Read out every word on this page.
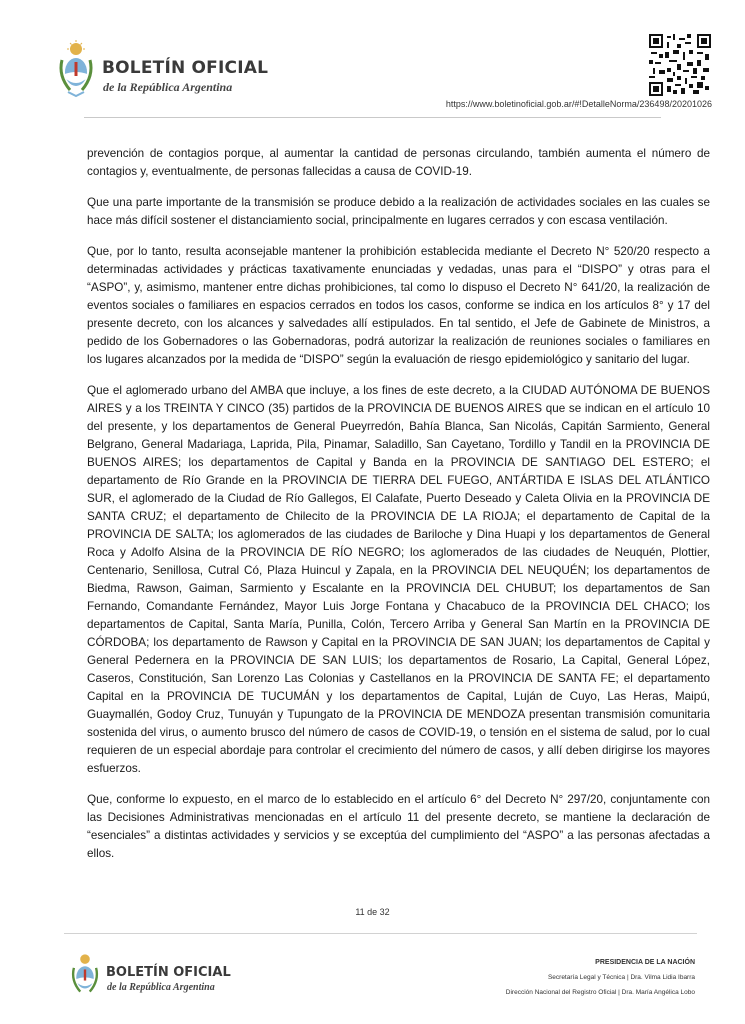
BOLETÍN OFICIAL
de la República Argentina
https://www.boletinoficial.gob.ar/#!DetalleNorma/236498/20201026

prevención de contagios porque, al aumentar la cantidad de personas circulando, también aumenta el número de contagios y, eventualmente, de personas fallecidas a causa de COVID-19.

Que una parte importante de la transmisión se produce debido a la realización de actividades sociales en las cuales se hace más difícil sostener el distanciamiento social, principalmente en lugares cerrados y con escasa ventilación.

Que, por lo tanto, resulta aconsejable mantener la prohibición establecida mediante el Decreto N° 520/20 respecto a determinadas actividades y prácticas taxativamente enunciadas y vedadas, unas para el “DISPO” y otras para el “ASPO”, y, asimismo, mantener entre dichas prohibiciones, tal como lo dispuso el Decreto N° 641/20, la realización de eventos sociales o familiares en espacios cerrados en todos los casos, conforme se indica en los artículos 8° y 17 del presente decreto, con los alcances y salvedades allí estipulados. En tal sentido, el Jefe de Gabinete de Ministros, a pedido de los Gobernadores o las Gobernadoras, podrá autorizar la realización de reuniones sociales o familiares en los lugares alcanzados por la medida de “DISPO” según la evaluación de riesgo epidemiológico y sanitario del lugar.

Que el aglomerado urbano del AMBA que incluye, a los fines de este decreto, a la CIUDAD AUTÓNOMA DE BUENOS AIRES y a los TREINTA Y CINCO (35) partidos de la PROVINCIA DE BUENOS AIRES que se indican en el artículo 10 del presente, y los departamentos de General Pueyrredón, Bahía Blanca, San Nicolás, Capitán Sarmiento, General Belgrano, General Madariaga, Laprida, Pila, Pinamar, Saladillo, San Cayetano, Tordillo y Tandil en la PROVINCIA DE BUENOS AIRES; los departamentos de Capital y Banda en la PROVINCIA DE SANTIAGO DEL ESTERO; el departamento de Río Grande en la PROVINCIA DE TIERRA DEL FUEGO, ANTÁRTIDA E ISLAS DEL ATLÁNTICO SUR, el aglomerado de la Ciudad de Río Gallegos, El Calafate, Puerto Deseado y Caleta Olivia en la PROVINCIA DE SANTA CRUZ; el departamento de Chilecito de la PROVINCIA DE LA RIOJA; el departamento de Capital de la PROVINCIA DE SALTA; los aglomerados de las ciudades de Bariloche y Dina Huapi y los departamentos de General Roca y Adolfo Alsina de la PROVINCIA DE RÍO NEGRO; los aglomerados de las ciudades de Neuquén, Plottier, Centenario, Senillosa, Cutral Có, Plaza Huincul y Zapala, en la PROVINCIA DEL NEUQUÉN; los departamentos de Biedma, Rawson, Gaiman, Sarmiento y Escalante en la PROVINCIA DEL CHUBUT; los departamentos de San Fernando, Comandante Fernández, Mayor Luis Jorge Fontana y Chacabuco de la PROVINCIA DEL CHACO; los departamentos de Capital, Santa María, Punilla, Colón, Tercero Arriba y General San Martín en la PROVINCIA DE CÓRDOBA; los departamento de Rawson y Capital en la PROVINCIA DE SAN JUAN; los departamentos de Capital y General Pedernera en la PROVINCIA DE SAN LUIS; los departamentos de Rosario, La Capital, General López, Caseros, Constitución, San Lorenzo Las Colonias y Castellanos en la PROVINCIA DE SANTA FE; el departamento Capital en la PROVINCIA DE TUCUMÁN y los departamentos de Capital, Luján de Cuyo, Las Heras, Maipú, Guaymallén, Godoy Cruz, Tunuyán y Tupungato de la PROVINCIA DE MENDOZA presentan transmisión comunitaria sostenida del virus, o aumento brusco del número de casos de COVID-19, o tensión en el sistema de salud, por lo cual requieren de un especial abordaje para controlar el crecimiento del número de casos, y allí deben dirigirse los mayores esfuerzos.

Que, conforme lo expuesto, en el marco de lo establecido en el artículo 6° del Decreto N° 297/20, conjuntamente con las Decisiones Administrativas mencionadas en el artículo 11 del presente decreto, se mantiene la declaración de “esenciales” a distintas actividades y servicios y se exceptúa del cumplimiento del “ASPO” a las personas afectadas a ellos.

11 de 32
BOLETÍN OFICIAL
de la República Argentina
PRESIDENCIA DE LA NACIÓN
Secretaría Legal y Técnica | Dra. Vilma Lidia Ibarra
Dirección Nacional del Registro Oficial | Dra. María Angélica Lobo
